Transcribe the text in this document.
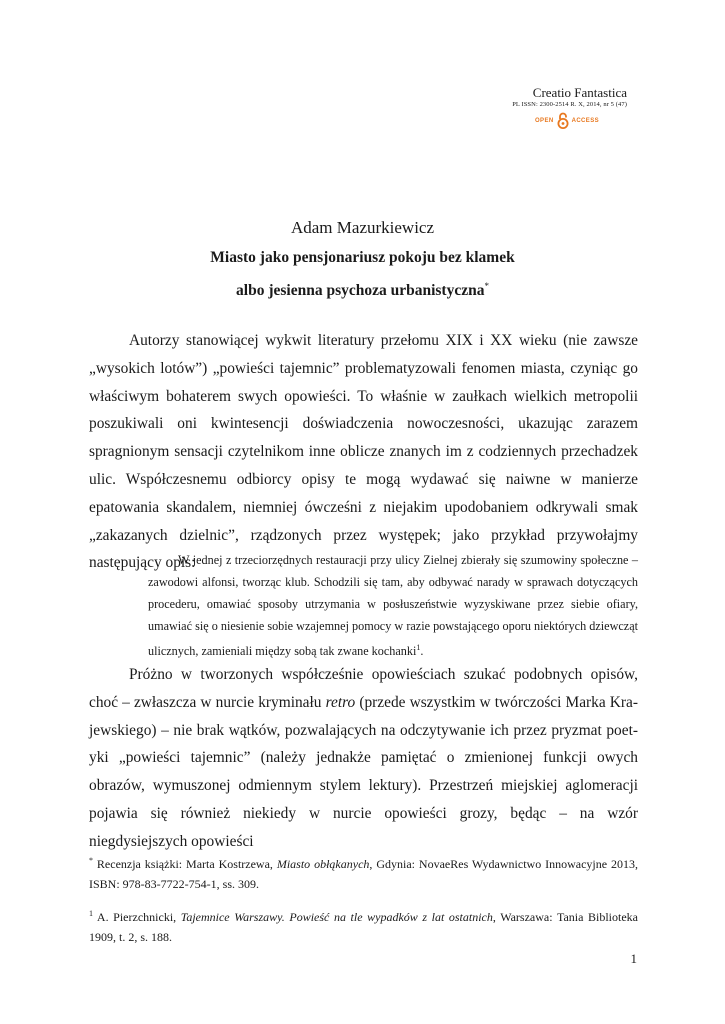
Creatio Fantastica
PL ISSN: 2300-2514 R. X, 2014, nr 5 (47)
OPEN	ACCESS
Adam Mazurkiewicz
Miasto jako pensjonariusz pokoju bez klamek
albo jesienna psychoza urbanistyczna*

Autorzy stanowiącej wykwit literatury przełomu XIX i XX wieku (nie zawsze „wysokich lotów”) „powieści tajemnic” problematyzowali fenomen miasta, czyniąc go właściwym bohaterem swych opowieści. To właśnie w zaułkach wielkich metropolii poszukiwali oni kwintesencji doświadczenia nowoczesności, ukazując zarazem spragnionym sensacji czytelnikom inne oblicze znanych im z codziennych przechadzek ulic. Współczesnemu odbiorcy opisy te mogą wydawać się naiwne w manierze epatowania skandalem, niemniej ówcześni z niejakim upodobaniem odkrywali smak „zakazanych dzielnic”, rządzonych przez występek; jako przykład przywołajmy następujący opis:

W jednej z trzeciorzędnych restauracji przy ulicy Zielnej zbierały się szumowiny społeczne – zawodowi alfonsi, tworząc klub. Schodzili się tam, aby odbywać narady w sprawach dotyczących procederu, omawiać sposoby utrzymania w posłuszeństwie wyzyskiwane przez siebie ofiary, umawiać się o niesienie sobie wzajemnej pomocy w razie powstającego oporu niektórych dziewcząt ulicznych, zamieniali między sobą tak zwane kochanki$^1$.

Próżno w tworzonych współcześnie opowieściach szukać podobnych opisów, choć – zwłaszcza w nurcie kryminału retro (przede wszystkim w twórczości Marka Krajewskiego) – nie brak wątków, pozwalających na odczytywanie ich przez pryzmat poetyki „powieści tajemnic” (należy jednakże pamiętać o zmienionej funkcji owych obrazów, wymuszonej odmiennym stylem lektury). Przestrzeń miejskiej aglomeracji pojawia się również niekiedy w nurcie opowieści grozy, będąc – na wzór niegdysiejszych opowieści

* Recenzja książki: Marta Kostrzewa, Miasto obłąkanych, Gdynia: NovaeRes Wydawnictwo Innowacyjne 2013, ISBN: 978-83-7722-754-1, ss. 309.

$^1$ A. Pierzchnicki, Tajemnice Warszawy. Powieść na tle wypadków z lat ostatnich, Warszawa: Tania Biblioteka 1909, t. 2, s. 188.

1
